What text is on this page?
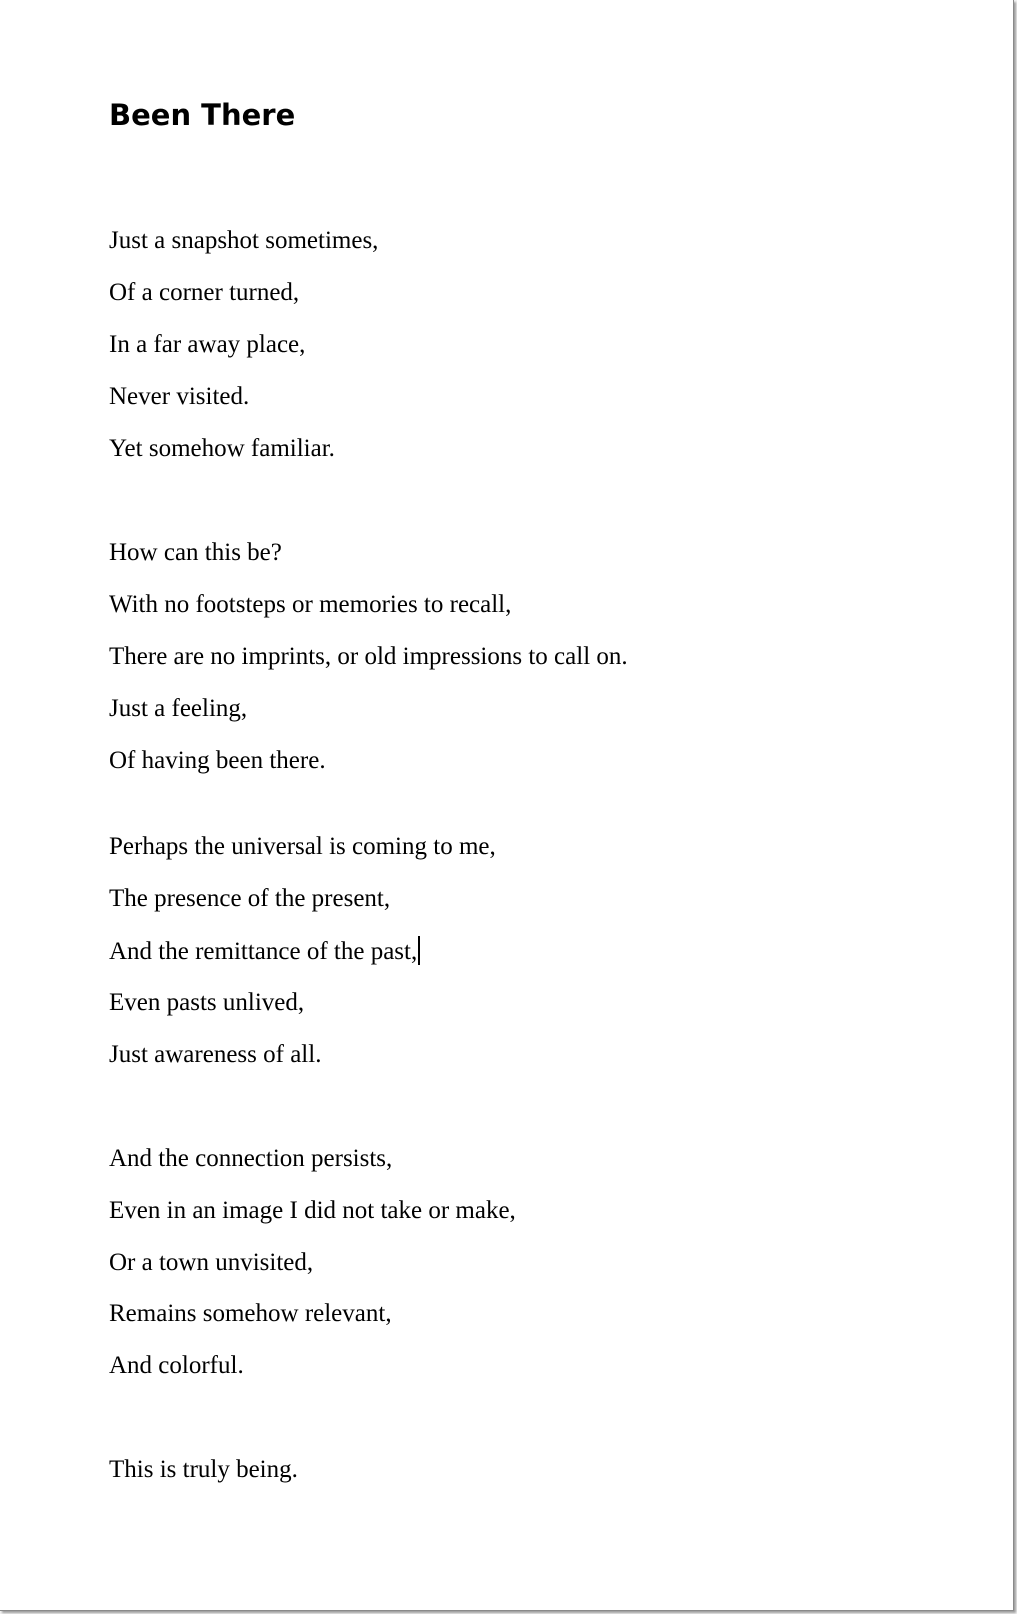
Been There
Just a snapshot sometimes,
Of a corner turned,
In a far away place,
Never visited.
Yet somehow familiar.
How can this be?
With no footsteps or memories to recall,
There are no imprints, or old impressions to call on.
Just a feeling,
Of having been there.
Perhaps the universal is coming to me,
The presence of the present,
And the remittance of the past,
Even pasts unlived,
Just awareness of all.
And the connection persists,
Even in an image I did not take or make,
Or a town unvisited,
Remains somehow relevant,
And colorful.
This is truly being.
